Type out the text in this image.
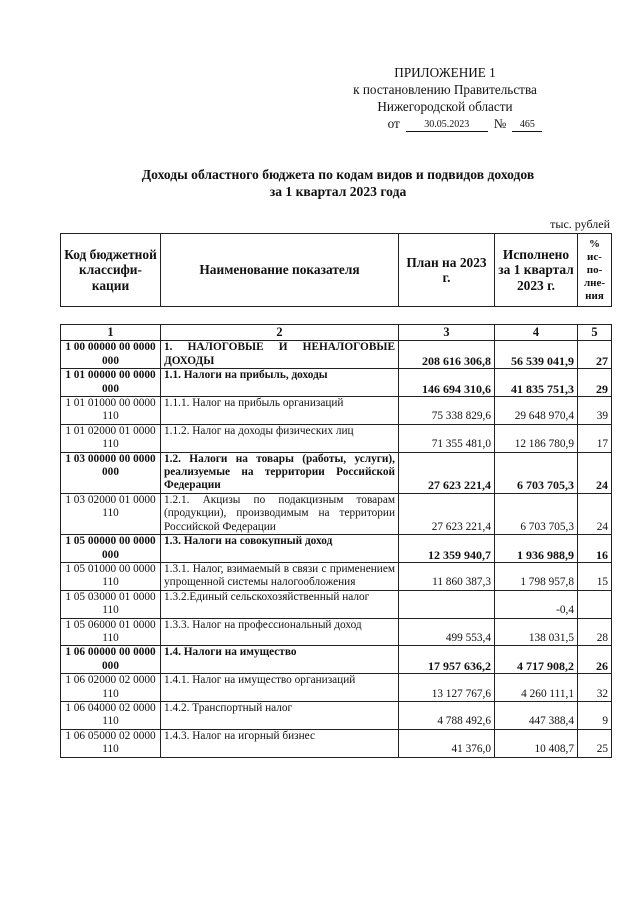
ПРИЛОЖЕНИЕ 1
к постановлению Правительства
Нижегородской области
от	30.05.2023	№	465
Доходы областного бюджета по кодам видов и подвидов доходов
за 1 квартал 2023 года
тыс. рублей
Код бюджетной классифи-кации	Наименование показателя	План на 2023 г.	Исполнено за 1 квартал 2023 г.	% ис-по-лне-ния
1	2	3	4	5
1 00 00000 00 0000 000	1. НАЛОГОВЫЕ И НЕНАЛОГОВЫЕ ДОХОДЫ	208 616 306,8	56 539 041,9	27
1 01 00000 00 0000 000	1.1. Налоги на прибыль, доходы	146 694 310,6	41 835 751,3	29
1 01 01000 00 0000 110	1.1.1. Налог на прибыль организаций	75 338 829,6	29 648 970,4	39
1 01 02000 01 0000 110	1.1.2. Налог на доходы физических лиц	71 355 481,0	12 186 780,9	17
1 03 00000 00 0000 000	1.2. Налоги на товары (работы, услуги), реализуемые на территории Российской Федерации	27 623 221,4	6 703 705,3	24
1 03 02000 01 0000 110	1.2.1. Акцизы по подакцизным товарам (продукции), производимым на территории Российской Федерации	27 623 221,4	6 703 705,3	24
1 05 00000 00 0000 000	1.3. Налоги на совокупный доход	12 359 940,7	1 936 988,9	16
1 05 01000 00 0000 110	1.3.1. Налог, взимаемый в связи с применением упрощенной системы налогообложения	11 860 387,3	1 798 957,8	15
1 05 03000 01 0000 110	1.3.2.Единый сельскохозяйственный налог		-0,4	
1 05 06000 01 0000 110	1.3.3. Налог на профессиональный доход	499 553,4	138 031,5	28
1 06 00000 00 0000 000	1.4. Налоги на имущество	17 957 636,2	4 717 908,2	26
1 06 02000 02 0000 110	1.4.1. Налог на имущество организаций	13 127 767,6	4 260 111,1	32
1 06 04000 02 0000 110	1.4.2. Транспортный налог	4 788 492,6	447 388,4	9
1 06 05000 02 0000 110	1.4.3. Налог на игорный бизнес	41 376,0	10 408,7	25
